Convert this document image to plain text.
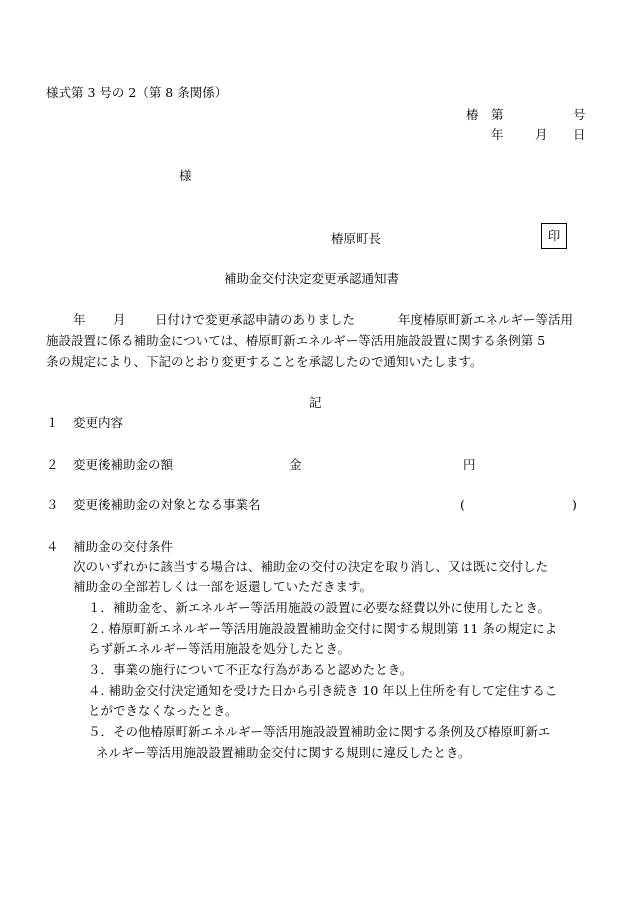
様式第 3 号の 2（第 8 条関係）
椿 第	号
年	月 日
様
椿原町長	印
補助金交付決定変更承認通知書
年 月 日付けで変更承認申請のありました	年度椿原町新エネルギー等活用
施設設置に係る補助金については、椿原町新エネルギー等活用施設設置に関する条例第 5
条の規定により、下記のとおり変更することを承認したので通知いたします。
記
１ 変更内容
２ 変更後補助金の額	金	円
３ 変更後補助金の対象となる事業名	(	)
４ 補助金の交付条件
次のいずれかに該当する場合は、補助金の交付の決定を取り消し、又は既に交付した
補助金の全部若しくは一部を返還していただきます。
１．補助金を、新エネルギー等活用施設の設置に必要な経費以外に使用したとき。
２. 椿原町新エネルギー等活用施設設置補助金交付に関する規則第 11 条の規定によ
らず新エネルギー等活用施設を処分したとき。
３．事業の施行について不正な行為があると認めたとき。
４. 補助金交付決定通知を受けた日から引き続き 10 年以上住所を有して定住するこ
とができなくなったとき。
５．その他椿原町新エネルギー等活用施設設置補助金に関する条例及び椿原町新エ
ネルギー等活用施設設置補助金交付に関する規則に違反したとき。
